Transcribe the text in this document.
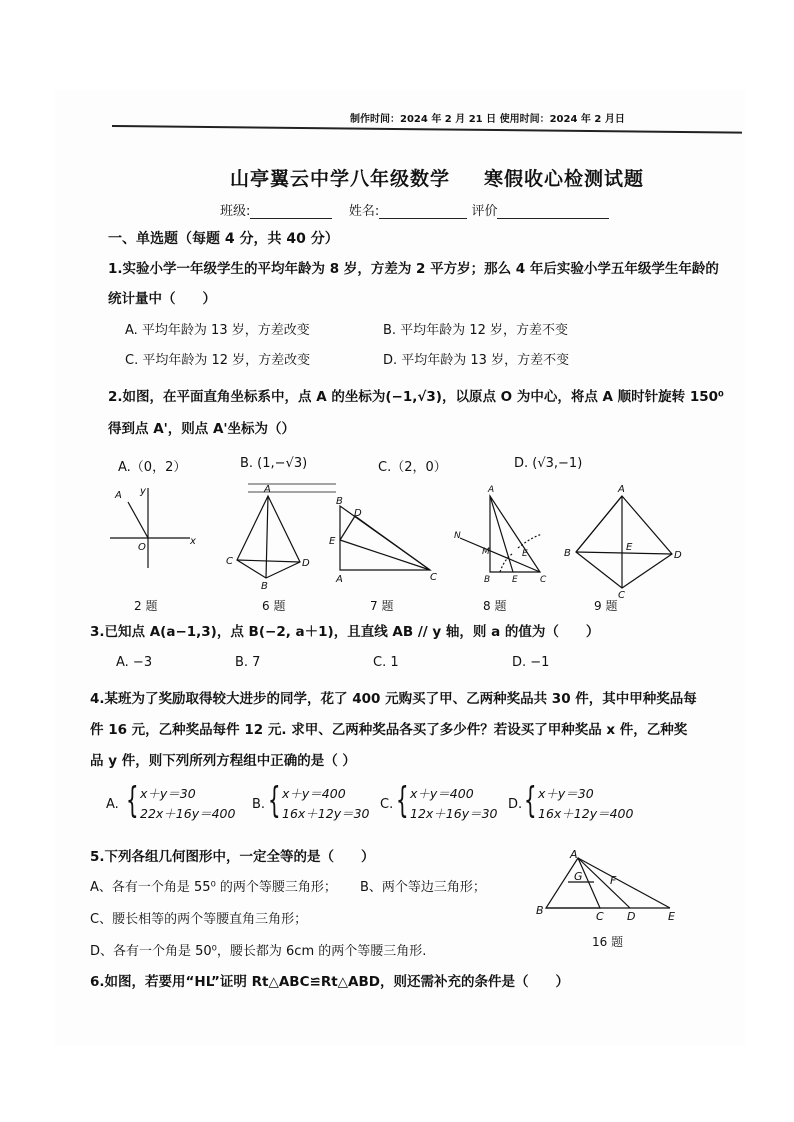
制作时间：2024 年 2 月 21 日 使用时间：2024 年 2 月日
山亭翼云中学八年级数学 寒假收心检测试题
班级:	姓名:	评价
一、单选题（每题 4 分，共 40 分）
1.实验小学一年级学生的平均年龄为 8 岁，方差为 2 平方岁；那么 4 年后实验小学五年级学生年龄的
统计量中（　　）
A. 平均年龄为 13 岁，方差改变	B. 平均年龄为 12 岁，方差不变
C. 平均年龄为 12 岁，方差改变	D. 平均年龄为 13 岁，方差不变
2.如图，在平面直角坐标系中，点 A 的坐标为(−1,√3)，以原点 O 为中心，将点 A 顺时针旋转 150⁰
得到点 A'，则点 A'坐标为（）
A.（0，2）	B. (1,−√3)	C.（2，0）	D. (√3,−1)
A y
O
x
A
C
B
D
B
D
E
A	C
A
M	E
B E C
N
A
B
E
D
C
2 题	6 题	7 题	8 题	9 题
3.已知点 A(a−1,3)，点 B(−2, a＋1)，且直线 AB // y 轴，则 a 的值为（　　）
A. −3	B. 7	C. 1	D. −1
4.某班为了奖励取得较大进步的同学，花了 400 元购买了甲、乙两种奖品共 30 件，其中甲种奖品每
件 16 元，乙种奖品每件 12 元. 求甲、乙两种奖品各买了多少件？若设买了甲种奖品 x 件，乙种奖
品 y 件，则下列所列方程组中正确的是（ ）
A. { x＋y＝30
22x＋16y＝400
B. { x＋y＝400
16x＋12y＝30
C. { x＋y＝400
12x＋16y＝30
D. { x＋y＝30
16x＋12y＝400
5.下列各组几何图形中，一定全等的是（　　）
A、各有一个角是 55⁰ 的两个等腰三角形； B、两个等边三角形；
C、腰长相等的两个等腰直角三角形；
D、各有一个角是 50⁰，腰长都为 6cm 的两个等腰三角形.
A
B
G F
C D	E
16 题
6.如图，若要用“HL”证明 Rt△ABC≌Rt△ABD，则还需补充的条件是（　　）
